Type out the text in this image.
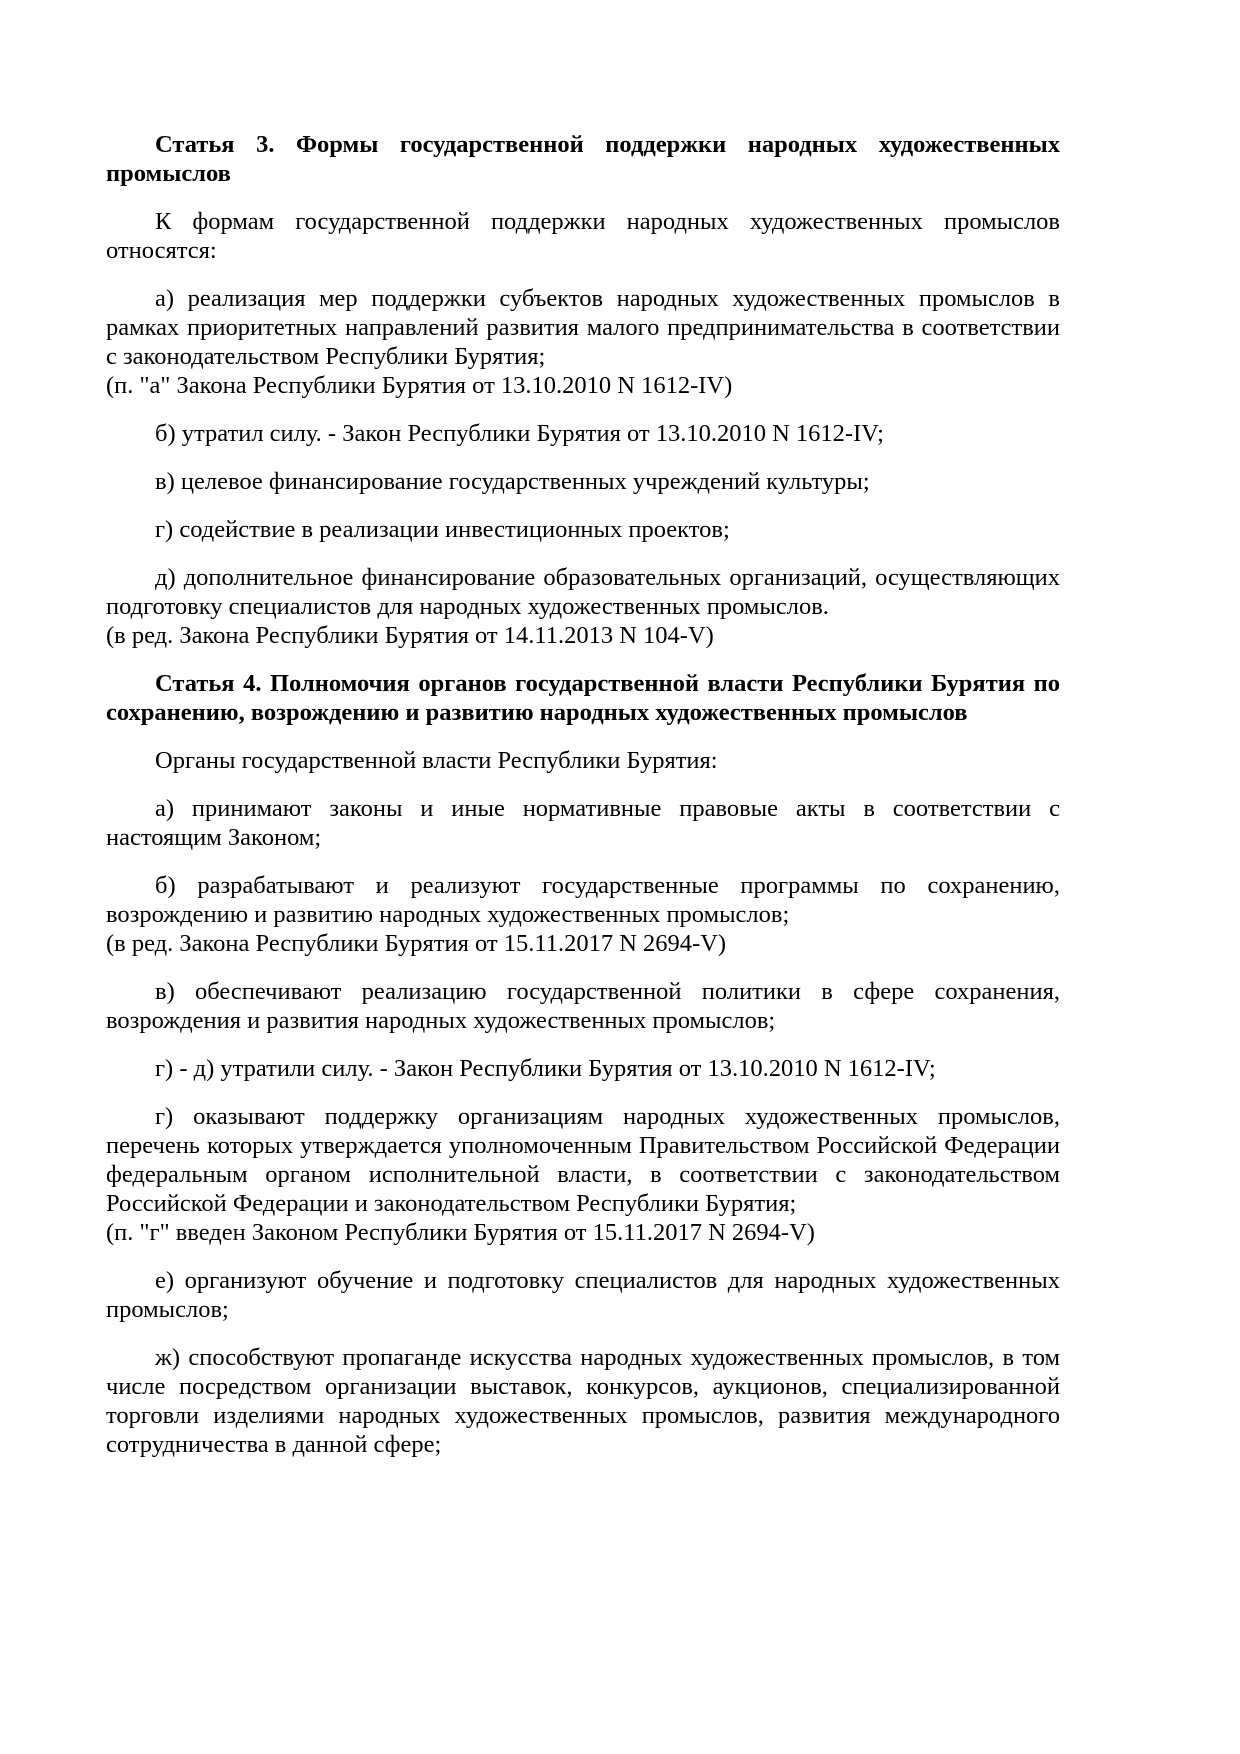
Статья 3. Формы государственной поддержки народных художественных промыслов

К формам государственной поддержки народных художественных промыслов относятся:

а) реализация мер поддержки субъектов народных художественных промыслов в рамках приоритетных направлений развития малого предпринимательства в соответствии с законодательством Республики Бурятия;

(п. "а" Закона Республики Бурятия от 13.10.2010 N 1612-IV)

б) утратил силу. - Закон Республики Бурятия от 13.10.2010 N 1612-IV;

в) целевое финансирование государственных учреждений культуры;

г) содействие в реализации инвестиционных проектов;

д) дополнительное финансирование образовательных организаций, осуществляющих подготовку специалистов для народных художественных промыслов.

(в ред. Закона Республики Бурятия от 14.11.2013 N 104-V)

Статья 4. Полномочия органов государственной власти Республики Бурятия по сохранению, возрождению и развитию народных художественных промыслов

Органы государственной власти Республики Бурятия:

а) принимают законы и иные нормативные правовые акты в соответствии с настоящим Законом;

б) разрабатывают и реализуют государственные программы по сохранению, возрождению и развитию народных художественных промыслов;

(в ред. Закона Республики Бурятия от 15.11.2017 N 2694-V)

в) обеспечивают реализацию государственной политики в сфере сохранения, возрождения и развития народных художественных промыслов;

г) - д) утратили силу. - Закон Республики Бурятия от 13.10.2010 N 1612-IV;

г) оказывают поддержку организациям народных художественных промыслов, перечень которых утверждается уполномоченным Правительством Российской Федерации федеральным органом исполнительной власти, в соответствии с законодательством Российской Федерации и законодательством Республики Бурятия;

(п. "г" введен Законом Республики Бурятия от 15.11.2017 N 2694-V)

е) организуют обучение и подготовку специалистов для народных художественных промыслов;

ж) способствуют пропаганде искусства народных художественных промыслов, в том числе посредством организации выставок, конкурсов, аукционов, специализированной торговли изделиями народных художественных промыслов, развития международного сотрудничества в данной сфере;
